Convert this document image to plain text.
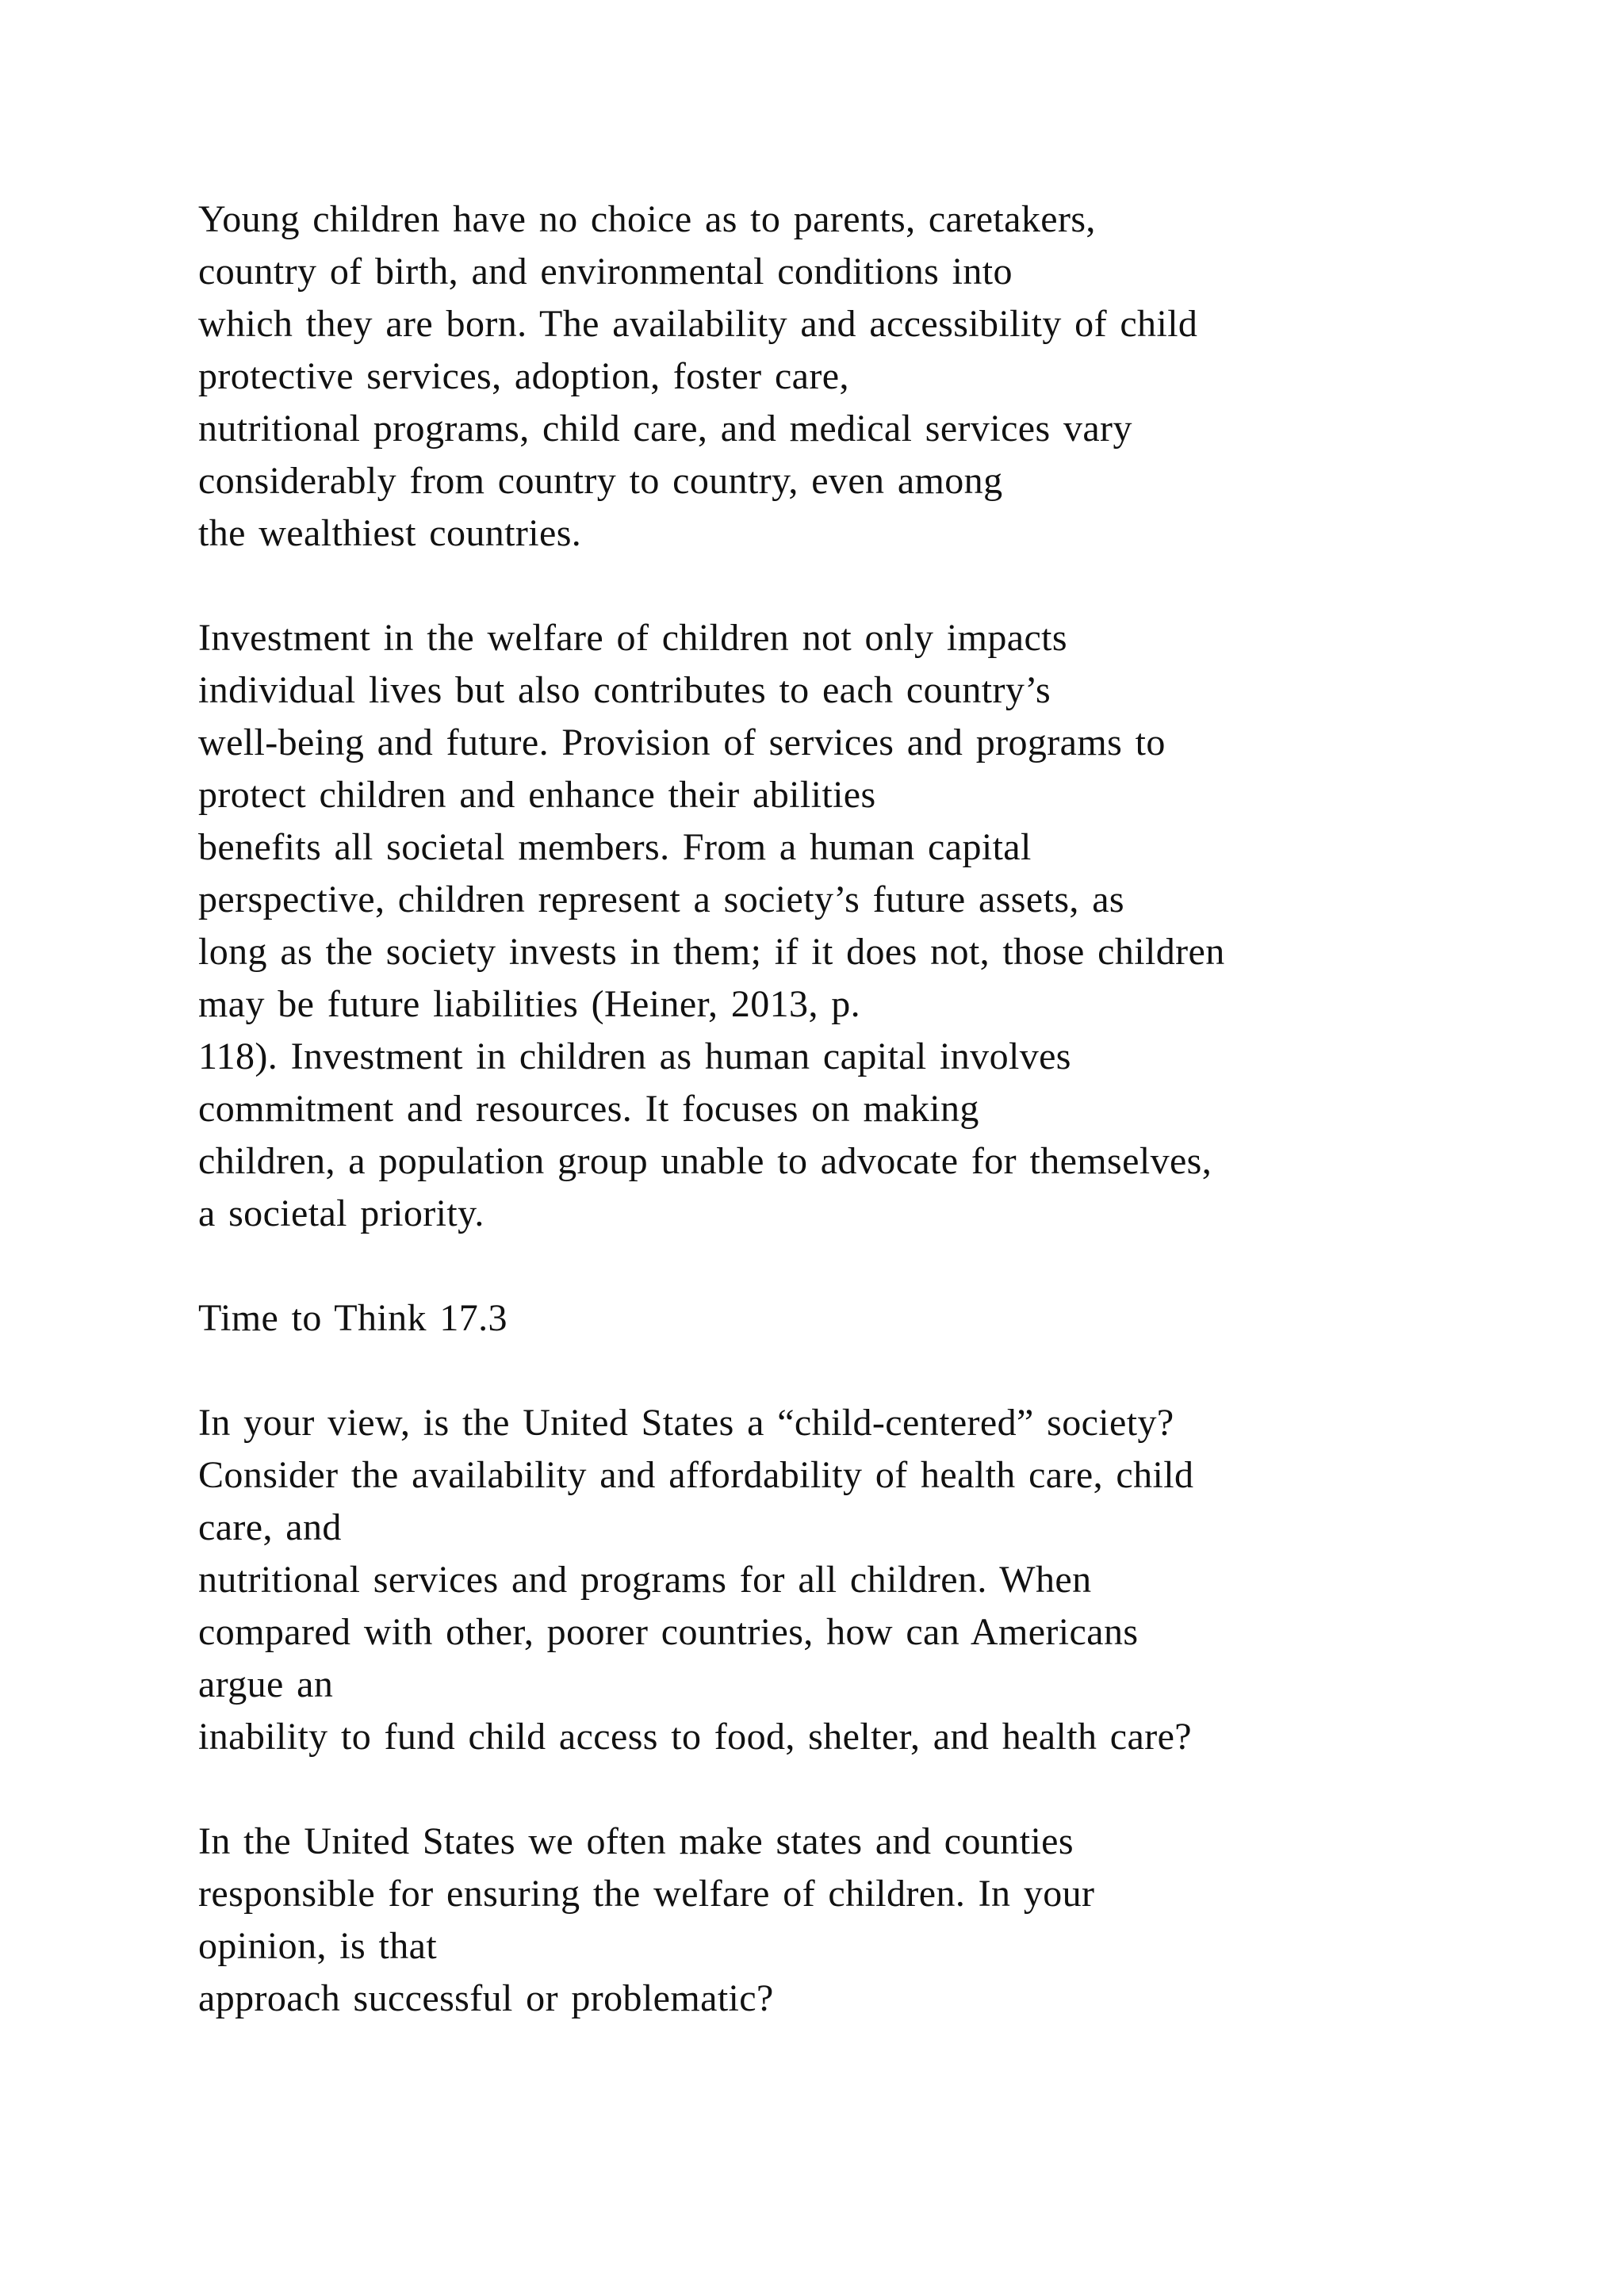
Young children have no choice as to parents, caretakers,
country of birth, and environmental conditions into
which they are born. The availability and accessibility of child
protective services, adoption, foster care,
nutritional programs, child care, and medical services vary
considerably from country to country, even among
the wealthiest countries.
Investment in the welfare of children not only impacts
individual lives but also contributes to each country’s
well-being and future. Provision of services and programs to
protect children and enhance their abilities
benefits all societal members. From a human capital
perspective, children represent a society’s future assets, as
long as the society invests in them; if it does not, those children
may be future liabilities (Heiner, 2013, p.
118). Investment in children as human capital involves
commitment and resources. It focuses on making
children, a population group unable to advocate for themselves,
a societal priority.
Time to Think 17.3
In your view, is the United States a “child-centered” society?
Consider the availability and affordability of health care, child
care, and
nutritional services and programs for all children. When
compared with other, poorer countries, how can Americans
argue an
inability to fund child access to food, shelter, and health care?
In the United States we often make states and counties
responsible for ensuring the welfare of children. In your
opinion, is that
approach successful or problematic?
